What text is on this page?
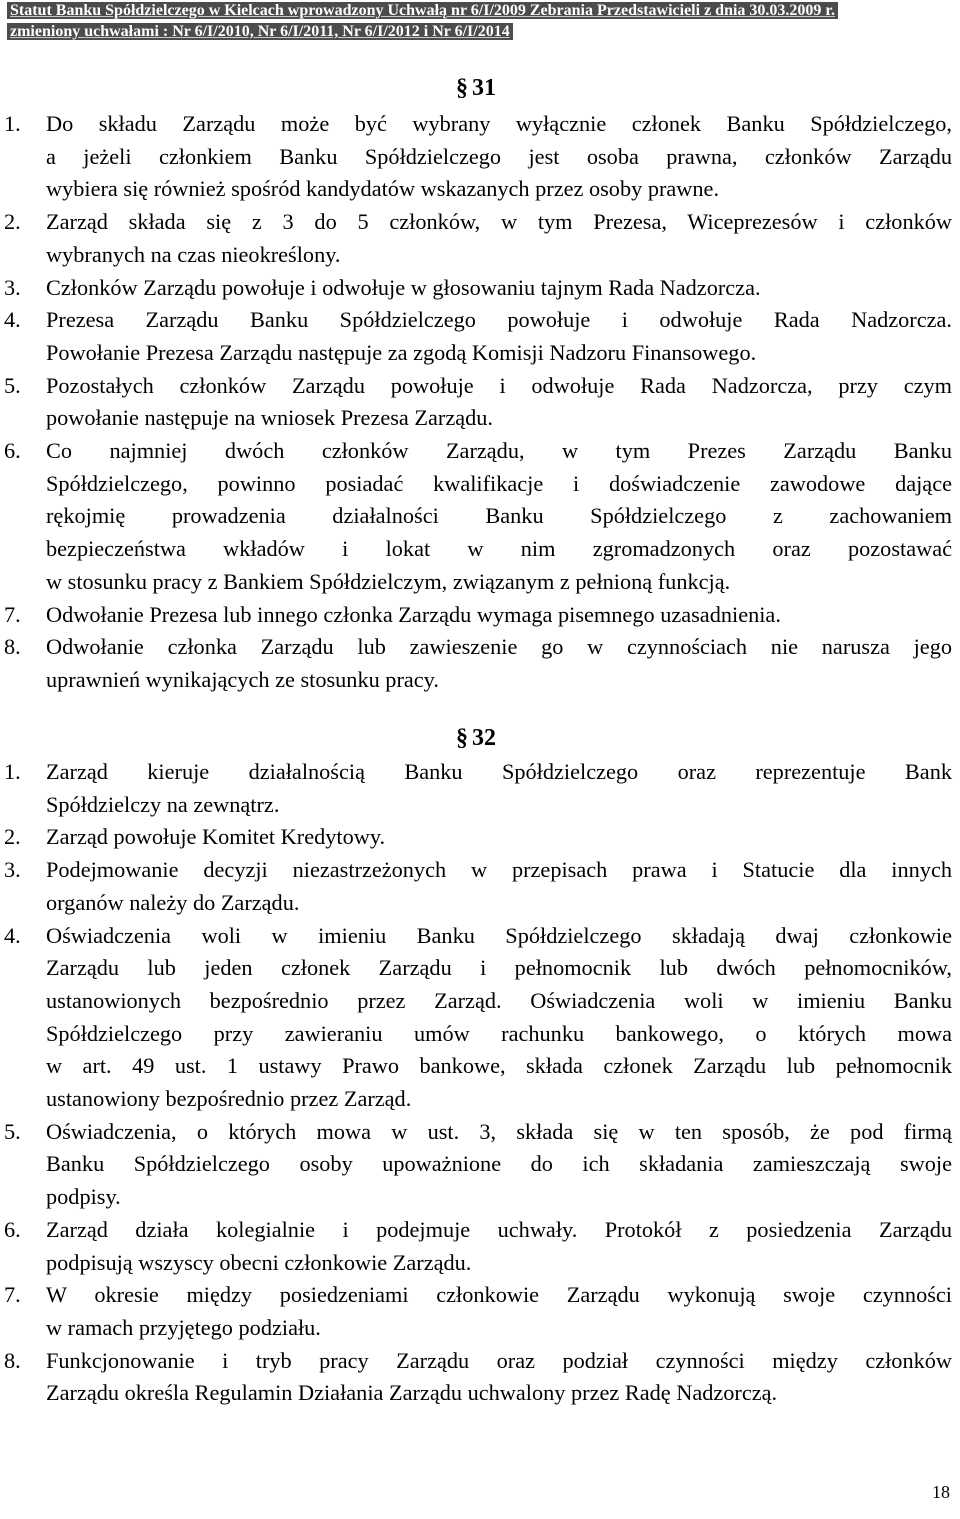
Statut Banku Spółdzielczego w Kielcach wprowadzony Uchwałą nr 6/I/2009 Zebrania Przedstawicieli z dnia 30.03.2009 r.
zmieniony uchwałami : Nr 6/I/2010, Nr 6/I/2011, Nr 6/I/2012 i Nr 6/I/2014
§ 31
1. Do składu Zarządu może być wybrany wyłącznie członek Banku Spółdzielczego,
a jeżeli członkiem Banku Spółdzielczego jest osoba prawna, członków Zarządu
wybiera się również spośród kandydatów wskazanych przez osoby prawne.
2. Zarząd składa się z 3 do 5 członków, w tym Prezesa, Wiceprezesów i członków
wybranych na czas nieokreślony.
3. Członków Zarządu powołuje i odwołuje w głosowaniu tajnym Rada Nadzorcza.
4. Prezesa Zarządu Banku Spółdzielczego powołuje i odwołuje Rada Nadzorcza.
Powołanie Prezesa Zarządu następuje za zgodą Komisji Nadzoru Finansowego.
5. Pozostałych członków Zarządu powołuje i odwołuje Rada Nadzorcza, przy czym
powołanie następuje na wniosek Prezesa Zarządu.
6. Co najmniej dwóch członków Zarządu, w tym Prezes Zarządu Banku
Spółdzielczego, powinno posiadać kwalifikacje i doświadczenie zawodowe dające
rękojmię prowadzenia działalności Banku Spółdzielczego z zachowaniem
bezpieczeństwa wkładów i lokat w nim zgromadzonych oraz pozostawać
w stosunku pracy z Bankiem Spółdzielczym, związanym z pełnioną funkcją.
7. Odwołanie Prezesa lub innego członka Zarządu wymaga pisemnego uzasadnienia.
8. Odwołanie członka Zarządu lub zawieszenie go w czynnościach nie narusza jego
uprawnień wynikających ze stosunku pracy.
§ 32
1. Zarząd kieruje działalnością Banku Spółdzielczego oraz reprezentuje Bank
Spółdzielczy na zewnątrz.
2. Zarząd powołuje Komitet Kredytowy.
3. Podejmowanie decyzji niezastrzeżonych w przepisach prawa i Statucie dla innych
organów należy do Zarządu.
4. Oświadczenia woli w imieniu Banku Spółdzielczego składają dwaj członkowie
Zarządu lub jeden członek Zarządu i pełnomocnik lub dwóch pełnomocników,
ustanowionych bezpośrednio przez Zarząd. Oświadczenia woli w imieniu Banku
Spółdzielczego przy zawieraniu umów rachunku bankowego, o których mowa
w art. 49 ust. 1 ustawy Prawo bankowe, składa członek Zarządu lub pełnomocnik
ustanowiony bezpośrednio przez Zarząd.
5. Oświadczenia, o których mowa w ust. 3, składa się w ten sposób, że pod firmą
Banku Spółdzielczego osoby upoważnione do ich składania zamieszczają swoje
podpisy.
6. Zarząd działa kolegialnie i podejmuje uchwały. Protokół z posiedzenia Zarządu
podpisują wszyscy obecni członkowie Zarządu.
7. W okresie między posiedzeniami członkowie Zarządu wykonują swoje czynności
w ramach przyjętego podziału.
8. Funkcjonowanie i tryb pracy Zarządu oraz podział czynności między członków
Zarządu określa Regulamin Działania Zarządu uchwalony przez Radę Nadzorczą.
18
